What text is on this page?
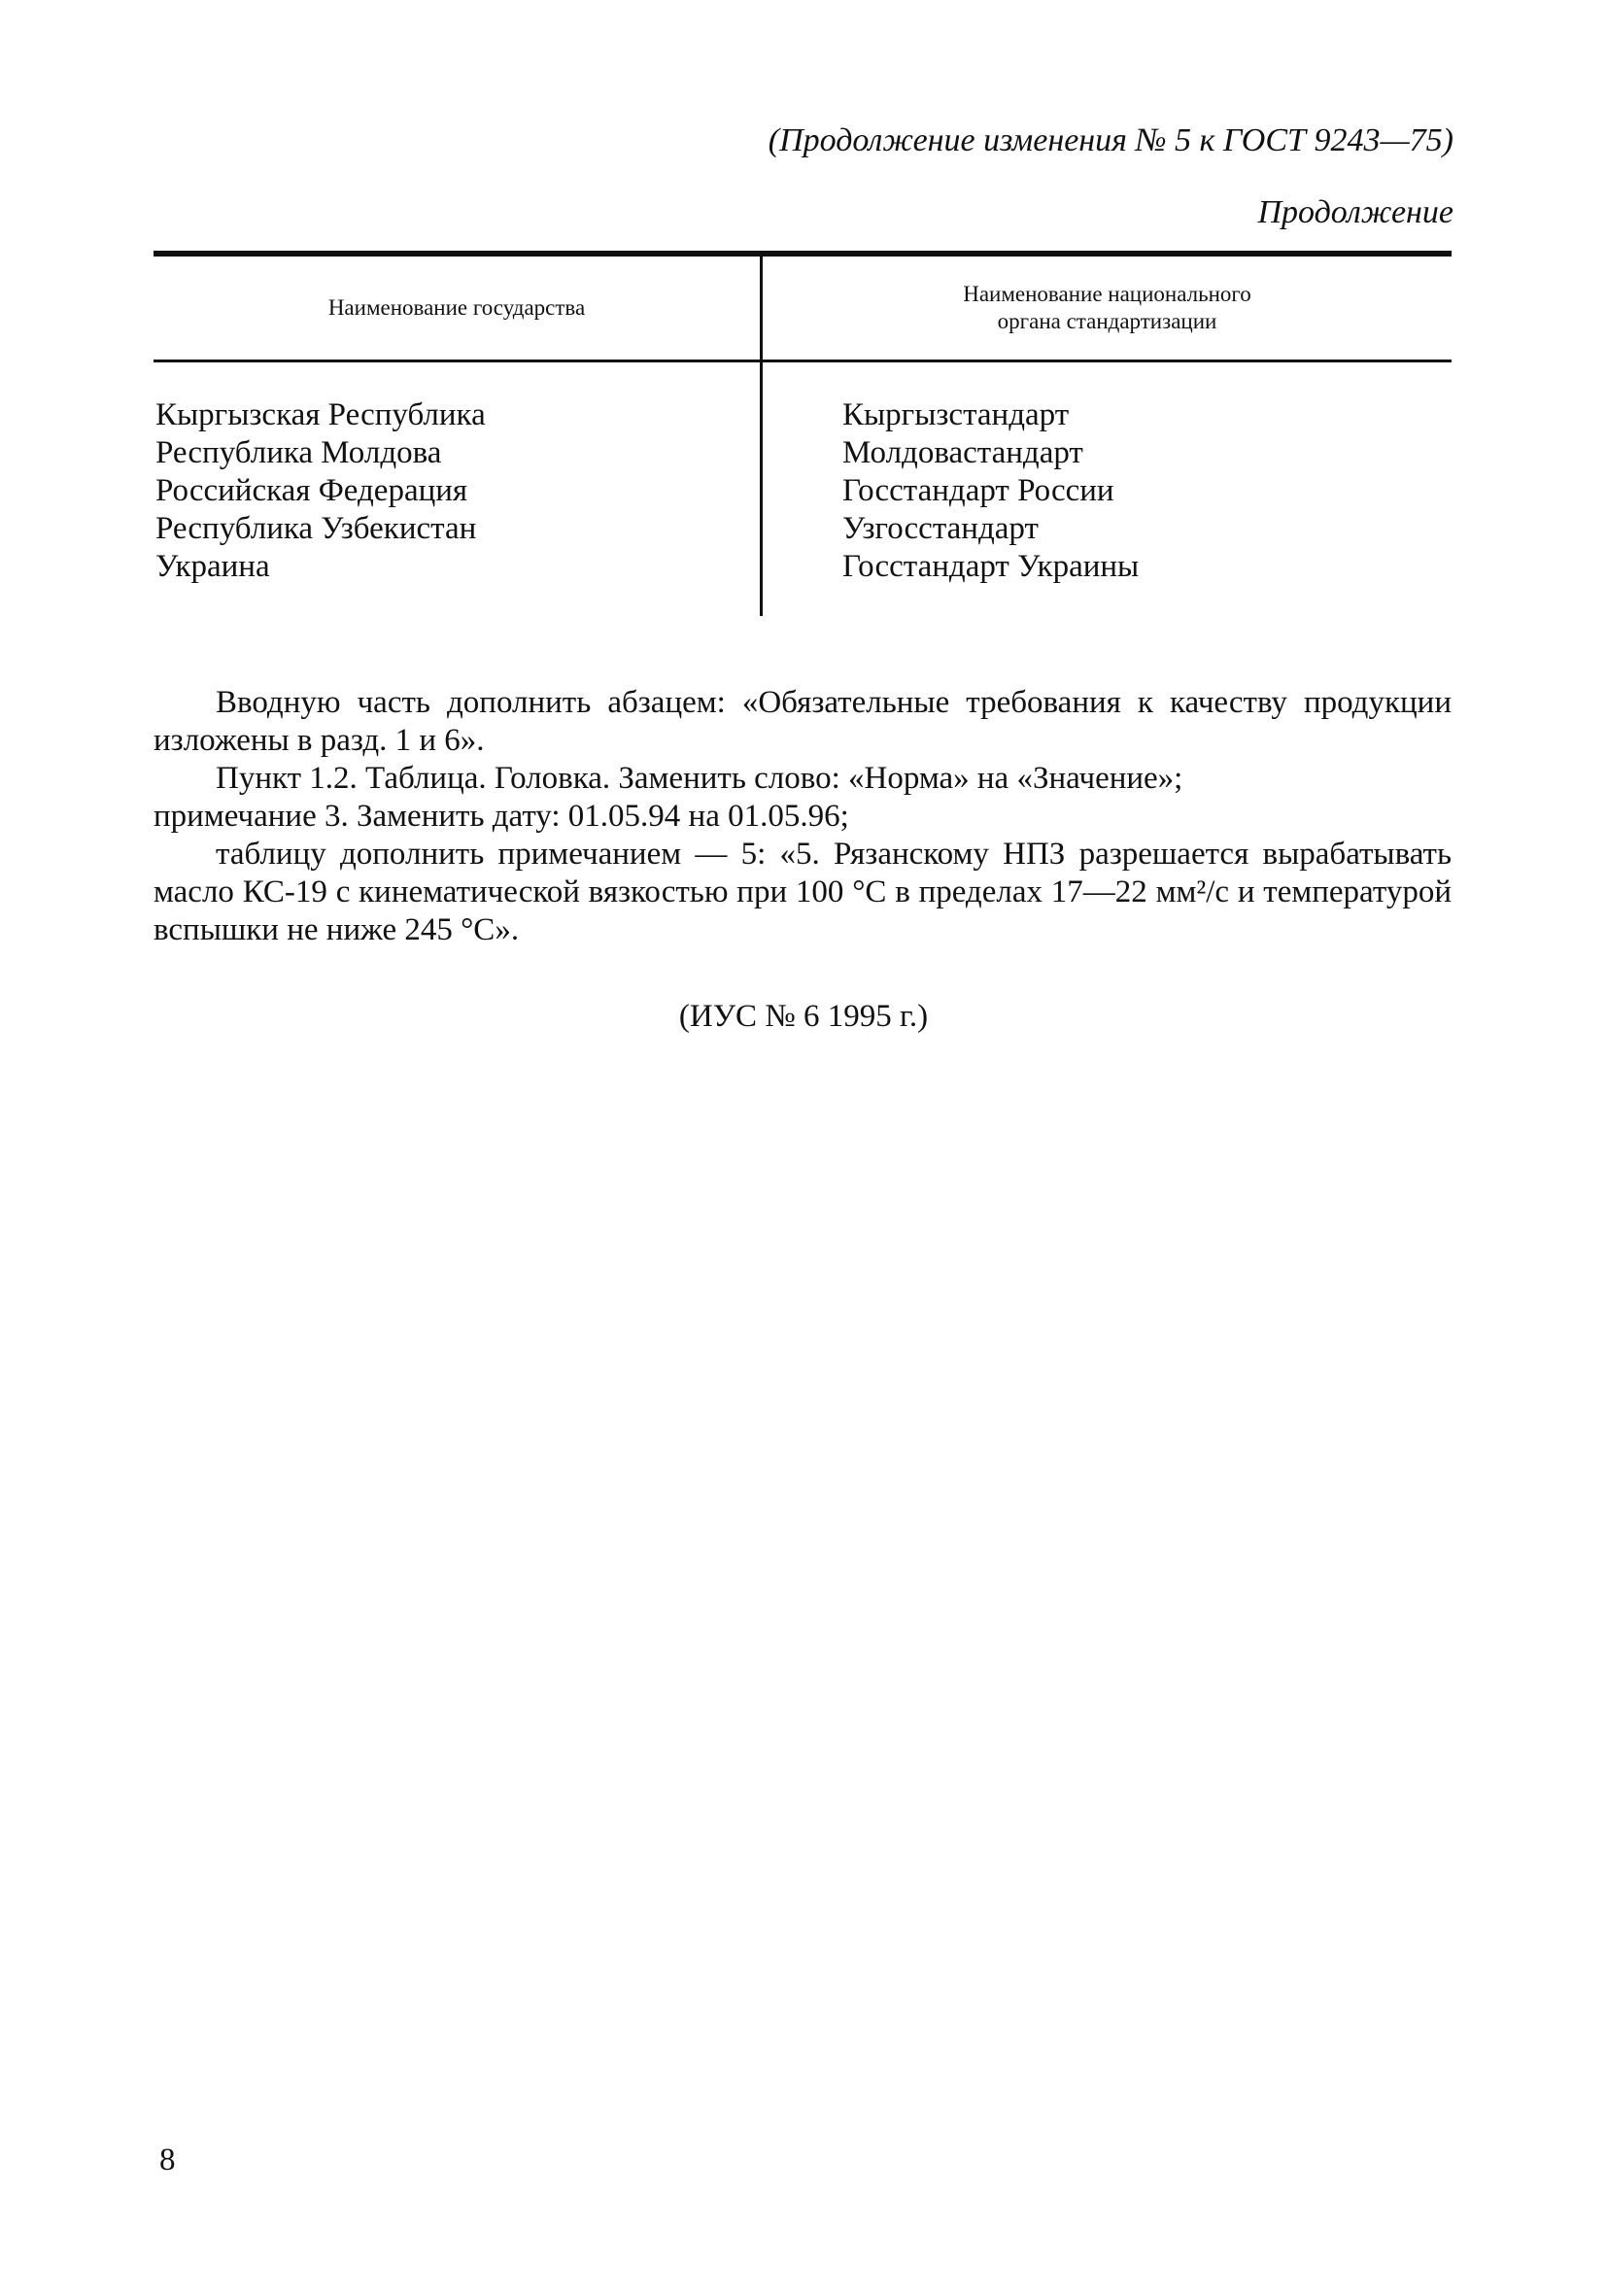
(Продолжение изменения № 5 к ГОСТ 9243—75)
Продолжение
Наименование государства
Наименование национального органа стандартизации
Кыргызская Республика
Республика Молдова
Российская Федерация
Республика Узбекистан
Украина
Кыргызстандарт
Молдовастандарт
Госстандарт России
Узгосстандарт
Госстандарт Украины
Вводную часть дополнить абзацем: «Обязательные требования к качеству продукции изложены в разд. 1 и 6».
Пункт 1.2. Таблица. Головка. Заменить слово: «Норма» на «Значение»;
примечание 3. Заменить дату: 01.05.94 на 01.05.96;
таблицу дополнить примечанием — 5: «5. Рязанскому НПЗ разрешается вырабатывать масло КС-19 с кинематической вязкостью при 100 °С в пределах 17—22 мм²/с и температурой вспышки не ниже 245 °С».
(ИУС № 6 1995 г.)
8
